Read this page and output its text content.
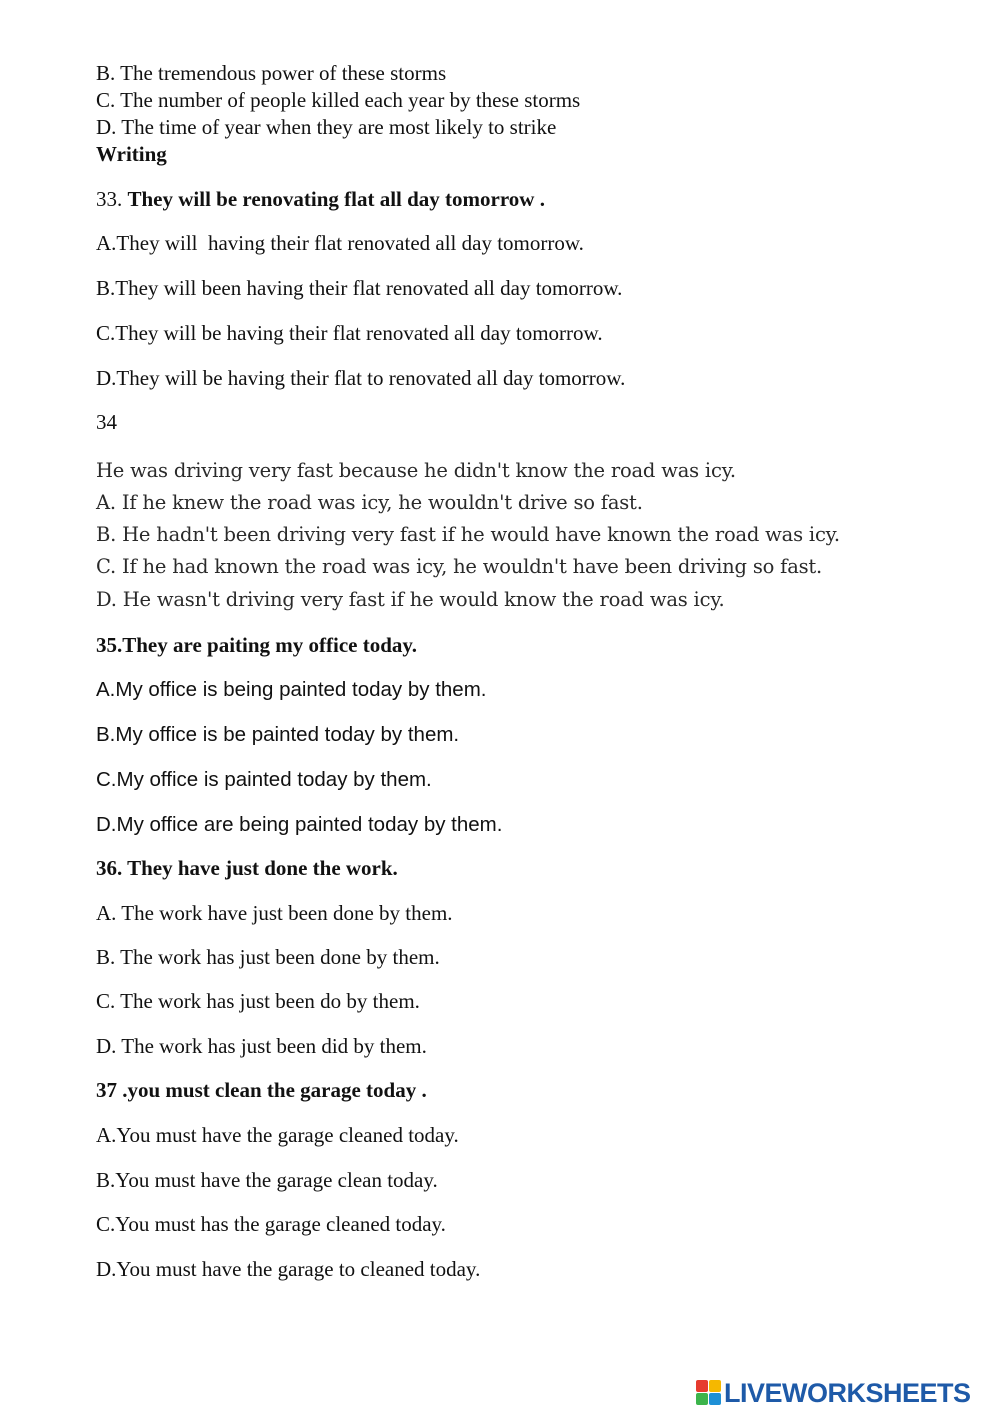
B. The tremendous power of these storms
C. The number of people killed each year by these storms
D. The time of year when they are most likely to strike
Writing
33. They will be renovating flat all day tomorrow .
A.They will  having their flat renovated all day tomorrow.
B.They will been having their flat renovated all day tomorrow.
C.They will be having their flat renovated all day tomorrow.
D.They will be having their flat to renovated all day tomorrow.
34
He was driving very fast because he didn't know the road was icy.
A. If he knew the road was icy, he wouldn't drive so fast.
B. He hadn't been driving very fast if he would have known the road was icy.
C. If he had known the road was icy, he wouldn't have been driving so fast.
D. He wasn't driving very fast if he would know the road was icy.
35.They are paiting my office today.
A.My office is being painted today by them.
B.My office is be painted today by them.
C.My office is painted today by them.
D.My office are being painted today by them.
36. They have just done the work.
A. The work have just been done by them.
B. The work has just been done by them.
C. The work has just been do by them.
D. The work has just been did by them.
37 .you must clean the garage today .
A.You must have the garage cleaned today.
B.You must have the garage clean today.
C.You must has the garage cleaned today.
D.You must have the garage to cleaned today.
LIVEWORKSHEETS
